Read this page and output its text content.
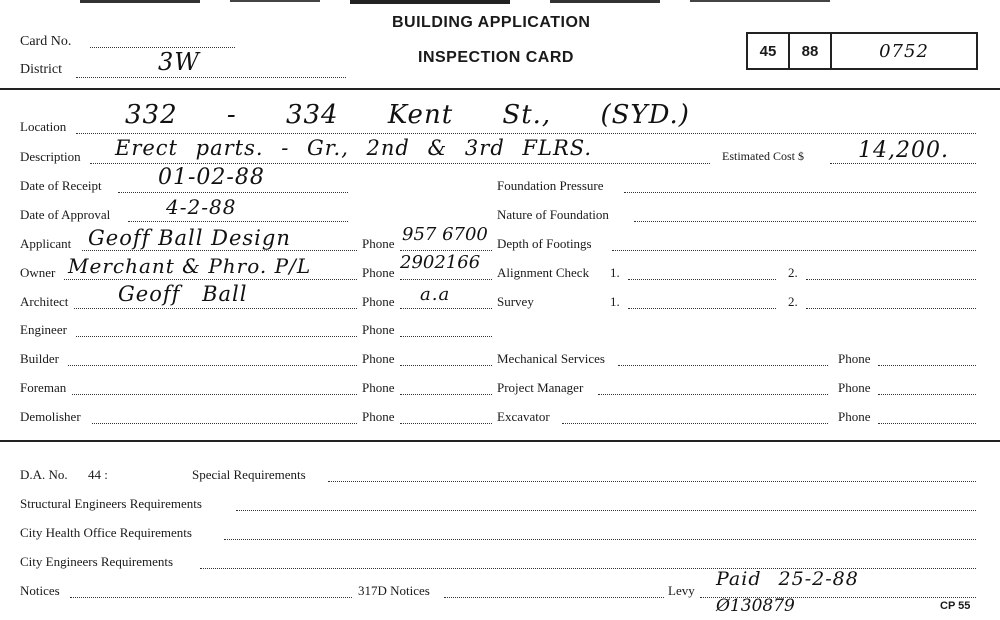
BUILDING APPLICATION
INSPECTION CARD
Card No.
District	3W	45	88	0752
Location 332 - 334 Kent St., (SYD.)
Description Erect parts. - Gr., 2nd & 3rd FLRS.	Estimated Cost $ 14,200.
Date of Receipt	01-02-88
Date of Approval	4-2-88
Applicant Geoff Ball Design	Phone 957 6700
Owner Merchant & Phro. P/L	Phone 2902166
Architect Geoff Ball	Phone a.a
Engineer	Phone
Builder	Phone
Foreman	Phone
Demolisher	Phone
Foundation Pressure
Nature of Foundation
Depth of Footings
Alignment Check 1.	2.
Survey	1.	2.
Mechanical Services	Phone
Project Manager	Phone
Excavator	Phone
D.A. No. 44 :	Special Requirements
Structural Engineers Requirements
City Health Office Requirements
City Engineers Requirements
Notices	317D Notices	Levy
Paid 25-2-88
Ø130879	CP 55
